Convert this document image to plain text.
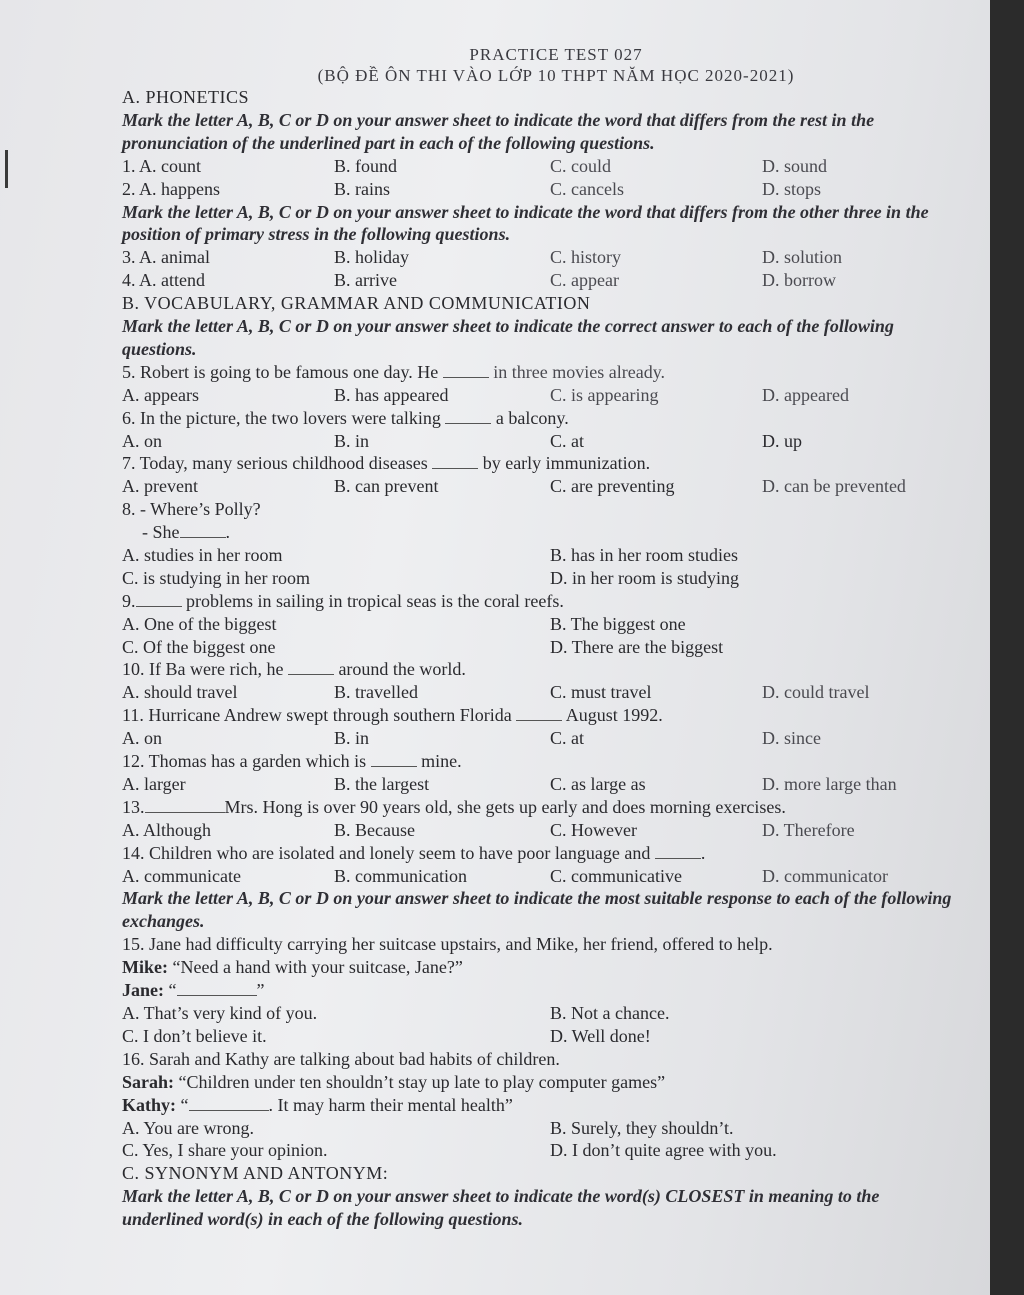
PRACTICE TEST 027
(BỘ ĐỀ ÔN THI VÀO LỚP 10 THPT NĂM HỌC 2020-2021)
A. PHONETICS
Mark the letter A, B, C or D on your answer sheet to indicate the word that differs from the rest in the pronunciation of the underlined part in each of the following questions.
1. A. count	B. found	C. could	D. sound
2. A. happens	B. rains	C. cancels	D. stops
Mark the letter A, B, C or D on your answer sheet to indicate the word that differs from the other three in the position of primary stress in the following questions.
3. A. animal	B. holiday	C. history	D. solution
4. A. attend	B. arrive	C. appear	D. borrow
B. VOCABULARY, GRAMMAR AND COMMUNICATION
Mark the letter A, B, C or D on your answer sheet to indicate the correct answer to each of the following questions.
5. Robert is going to be famous one day. He	in three movies already.
A. appears	B. has appeared	C. is appearing	D. appeared
6. In the picture, the two lovers were talking	a balcony.
A. on	B. in	C. at	D. up
7. Today, many serious childhood diseases	by early immunization.
A. prevent	B. can prevent	C. are preventing	D. can be prevented
8. - Where’s Polly?
- She	.
A. studies in her room	B. has in her room studies
C. is studying in her room	D. in her room is studying
9.	problems in sailing in tropical seas is the coral reefs.
A. One of the biggest	B. The biggest one
C. Of the biggest one	D. There are the biggest
10. If Ba were rich, he	around the world.
A. should travel	B. travelled	C. must travel	D. could travel
11. Hurricane Andrew swept through southern Florida	August 1992.
A. on	B. in	C. at	D. since
12. Thomas has a garden which is	mine.
A. larger	B. the largest	C. as large as	D. more large than
13.	Mrs. Hong is over 90 years old, she gets up early and does morning exercises.
A. Although	B. Because	C. However	D. Therefore
14. Children who are isolated and lonely seem to have poor language and	.
A. communicate	B. communication	C. communicative	D. communicator
Mark the letter A, B, C or D on your answer sheet to indicate the most suitable response to each of the following exchanges.
15. Jane had difficulty carrying her suitcase upstairs, and Mike, her friend, offered to help.
Mike: “Need a hand with your suitcase, Jane?”
Jane: “	”
A. That’s very kind of you.	B. Not a chance.
C. I don’t believe it.	D. Well done!
16. Sarah and Kathy are talking about bad habits of children.
Sarah: “Children under ten shouldn’t stay up late to play computer games”
Kathy: “	. It may harm their mental health”
A. You are wrong.	B. Surely, they shouldn’t.
C. Yes, I share your opinion.	D. I don’t quite agree with you.
C. SYNONYM AND ANTONYM:
Mark the letter A, B, C or D on your answer sheet to indicate the word(s) CLOSEST in meaning to the underlined word(s) in each of the following questions.
